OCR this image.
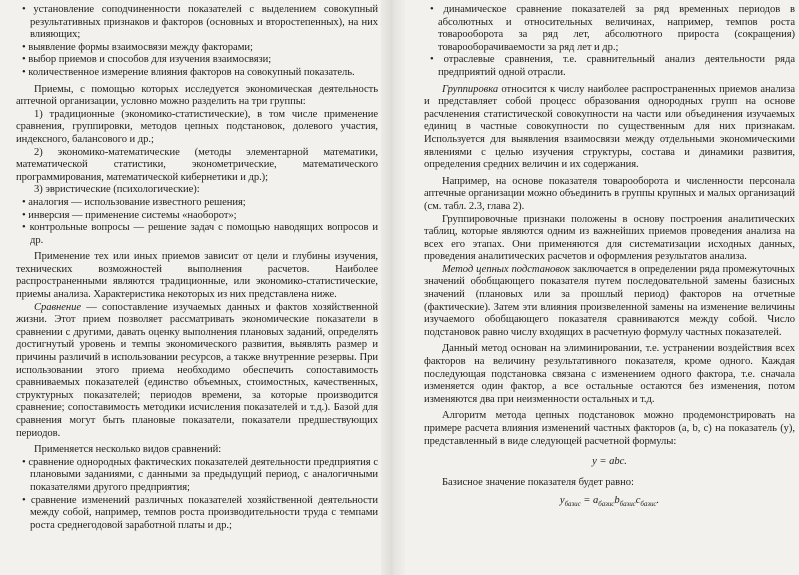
• установление соподчиненности показателей с выделением совокупный результативных признаков и факторов (основных и второстепенных), на них влияющих;

• выявление формы взаимосвязи между факторами;

• выбор приемов и способов для изучения взаимосвязи;

• количественное измерение влияния факторов на совокупный показатель.

Приемы, с помощью которых исследуется экономическая деятельность аптечной организации, условно можно разделить на три группы:

1) традиционные (экономико-статистические), в том числе применение сравнения, группировки, методов цепных подстановок, долевого участия, индексного, балансового и др.;

2) экономико-математические (методы элементарной математики, математической статистики, эконометрические, математического программирования, математической кибернетики и др.);

3) эвристические (психологические):

• аналогия — использование известного решения;

• инверсия — применение системы «наоборот»;

• контрольные вопросы — решение задач с помощью наводящих вопросов и др.

Применение тех или иных приемов зависит от цели и глубины изучения, технических возможностей выполнения расчетов. Наиболее распространенными являются традиционные, или экономико-статистические, приемы анализа. Характеристика некоторых из них представлена ниже.

Сравнение — сопоставление изучаемых данных и фактов хозяйственной жизни. Этот прием позволяет рассматривать экономические показатели в сравнении с другими, давать оценку выполнения плановых заданий, определять достигнутый уровень и темпы экономического развития, выявлять размер и причины различий в использовании ресурсов, а также внутренние резервы. При использовании этого приема необходимо обеспечить сопоставимость сравниваемых показателей (единство объемных, стоимостных, качественных, структурных показателей; периодов времени, за которые производится сравнение; сопоставимость методики исчисления показателей и т.д.). Базой для сравнения могут быть плановые показатели, показатели предшествующих периодов.

Применяется несколько видов сравнений:

• сравнение однородных фактических показателей деятельности предприятия с плановыми заданиями, с данными за предыдущий период, с аналогичными показателями другого предприятия;

• сравнение изменений различных показателей хозяйственной деятельности между собой, например, темпов роста производительности труда с темпами роста среднегодовой заработной платы и др.;

• динамическое сравнение показателей за ряд временных периодов в абсолютных и относительных величинах, например, темпов роста товарооборота за ряд лет, абсолютного прироста (сокращения) товарооборачиваемости за ряд лет и др.;

• отраслевые сравнения, т.е. сравнительный анализ деятельности ряда предприятий одной отрасли.

Группировка относится к числу наиболее распространенных приемов анализа и представляет собой процесс образования однородных групп на основе расчленения статистической совокупности на части или объединения изучаемых единиц в частные совокупности по существенным для них признакам. Используется для выявления взаимосвязи между отдельными экономическими явлениями с целью изучения структуры, состава и динамики развития, определения средних величин и их содержания.

Например, на основе показателя товарооборота и численности персонала аптечные организации можно объединить в группы крупных и малых организаций (см. табл. 2.3, глава 2).

Группировочные признаки положены в основу построения аналитических таблиц, которые являются одним из важнейших приемов проведения анализа на всех его этапах. Они применяются для систематизации исходных данных, проведения аналитических расчетов и оформления результатов анализа.

Метод цепных подстановок заключается в определении ряда промежуточных значений обобщающего показателя путем последовательной замены базисных значений (плановых или за прошлый период) факторов на отчетные (фактические). Затем эти влияния произвеленной замены на изменение величины изучаемого обобщающего показателя сравниваются между собой. Число подстановок равно числу входящих в расчетную формулу частных показателей.

Данный метод основан на элиминировании, т.е. устранении воздействия всех факторов на величину результативного показателя, кроме одного. Каждая последующая подстановка связана с изменением одного фактора, т.е. сначала изменяется один фактор, а все остальные остаются без изменения, потом изменяются два при неизменности остальных и т.д.

Алгоритм метода цепных подстановок можно продемонстрировать на примере расчета влияния изменений частных факторов (a, b, c) на показатель (y), представленный в виде следующей расчетной формулы:

y = abc.

Базисное значение показателя будет равно:

$y_{базис} = a_{базис}b_{базис}c_{базис}$.
